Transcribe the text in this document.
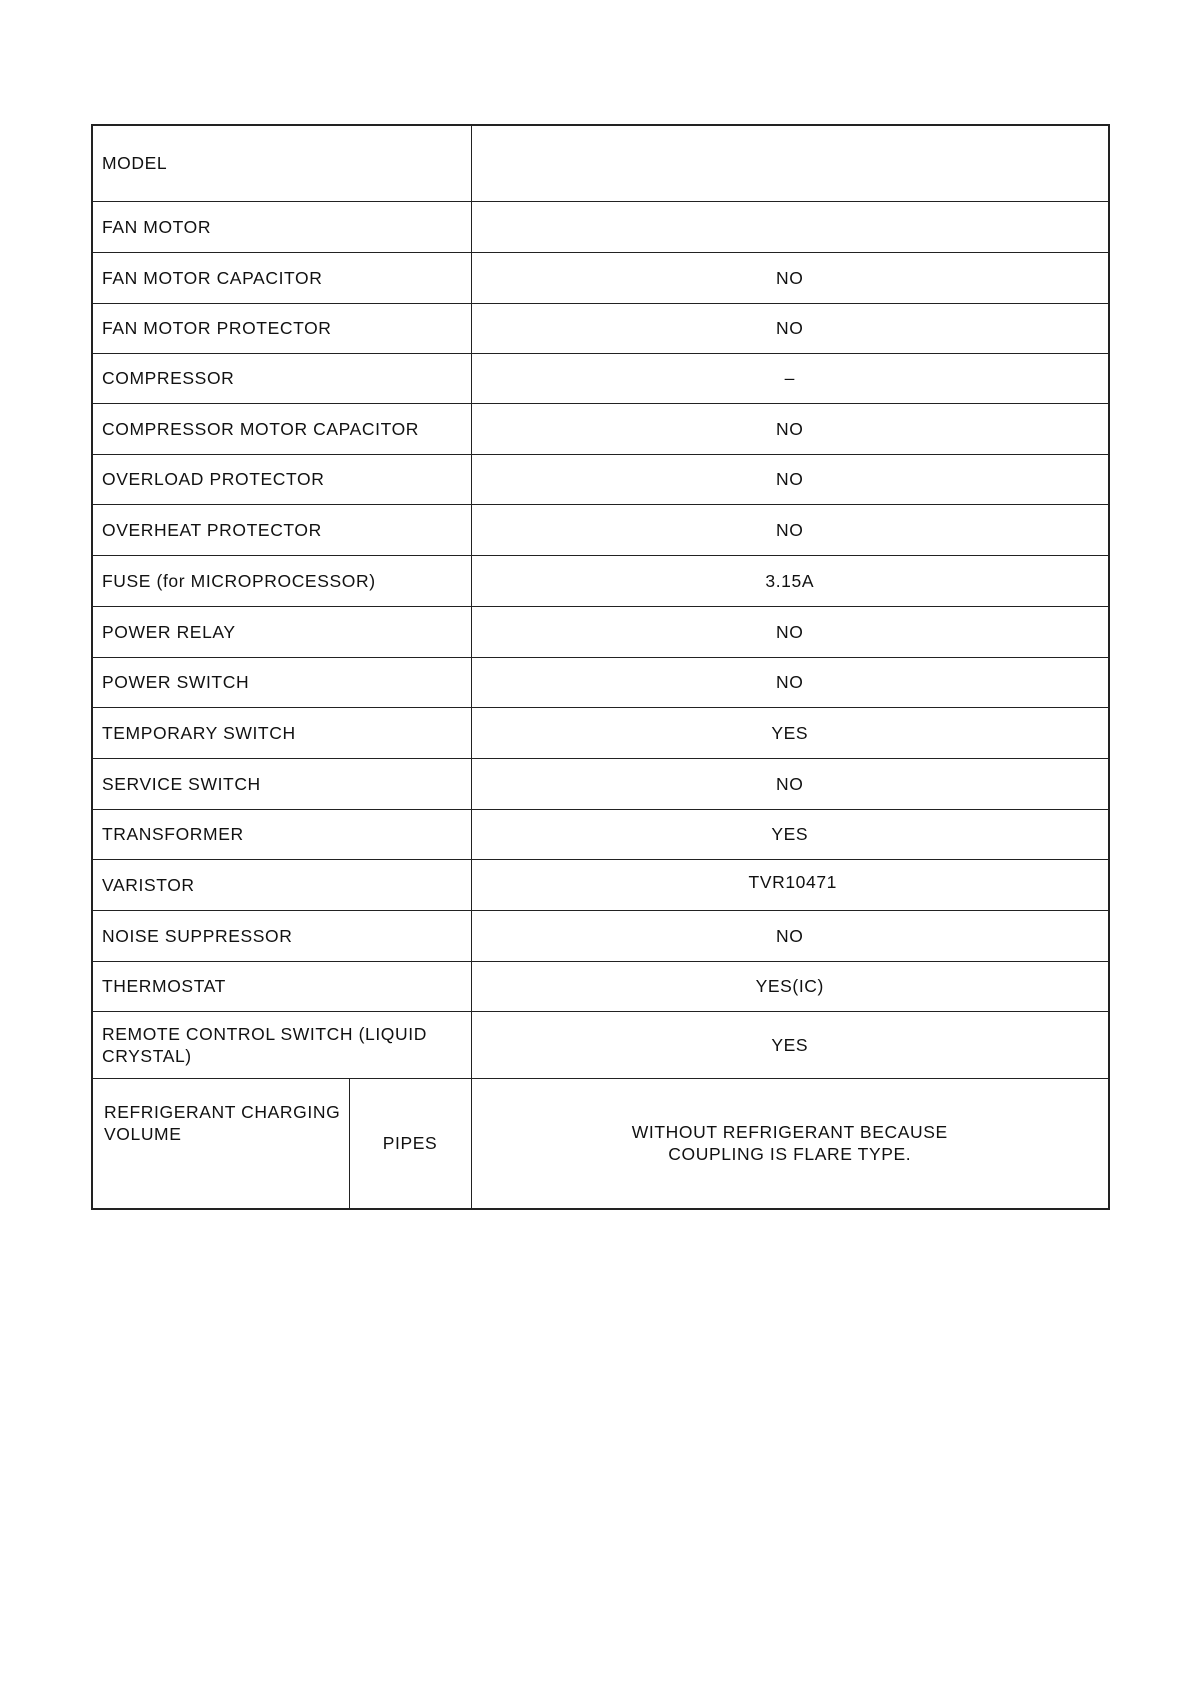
MODEL		
FAN MOTOR		
FAN MOTOR CAPACITOR		NO
FAN MOTOR PROTECTOR		NO
COMPRESSOR		–
COMPRESSOR MOTOR CAPACITOR		NO
OVERLOAD PROTECTOR		NO
OVERHEAT PROTECTOR		NO
FUSE (for MICROPROCESSOR)		3.15A
POWER RELAY		NO
POWER SWITCH		NO
TEMPORARY SWITCH		YES
SERVICE SWITCH		NO
TRANSFORMER		YES
VARISTOR		TVR10471
NOISE SUPPRESSOR		NO
THERMOSTAT		YES(IC)
REMOTE CONTROL SWITCH (LIQUID
CRYSTAL)		YES
REFRIGERANT CHARGING
VOLUME	PIPES	WITHOUT REFRIGERANT BECAUSE
COUPLING IS FLARE TYPE.
